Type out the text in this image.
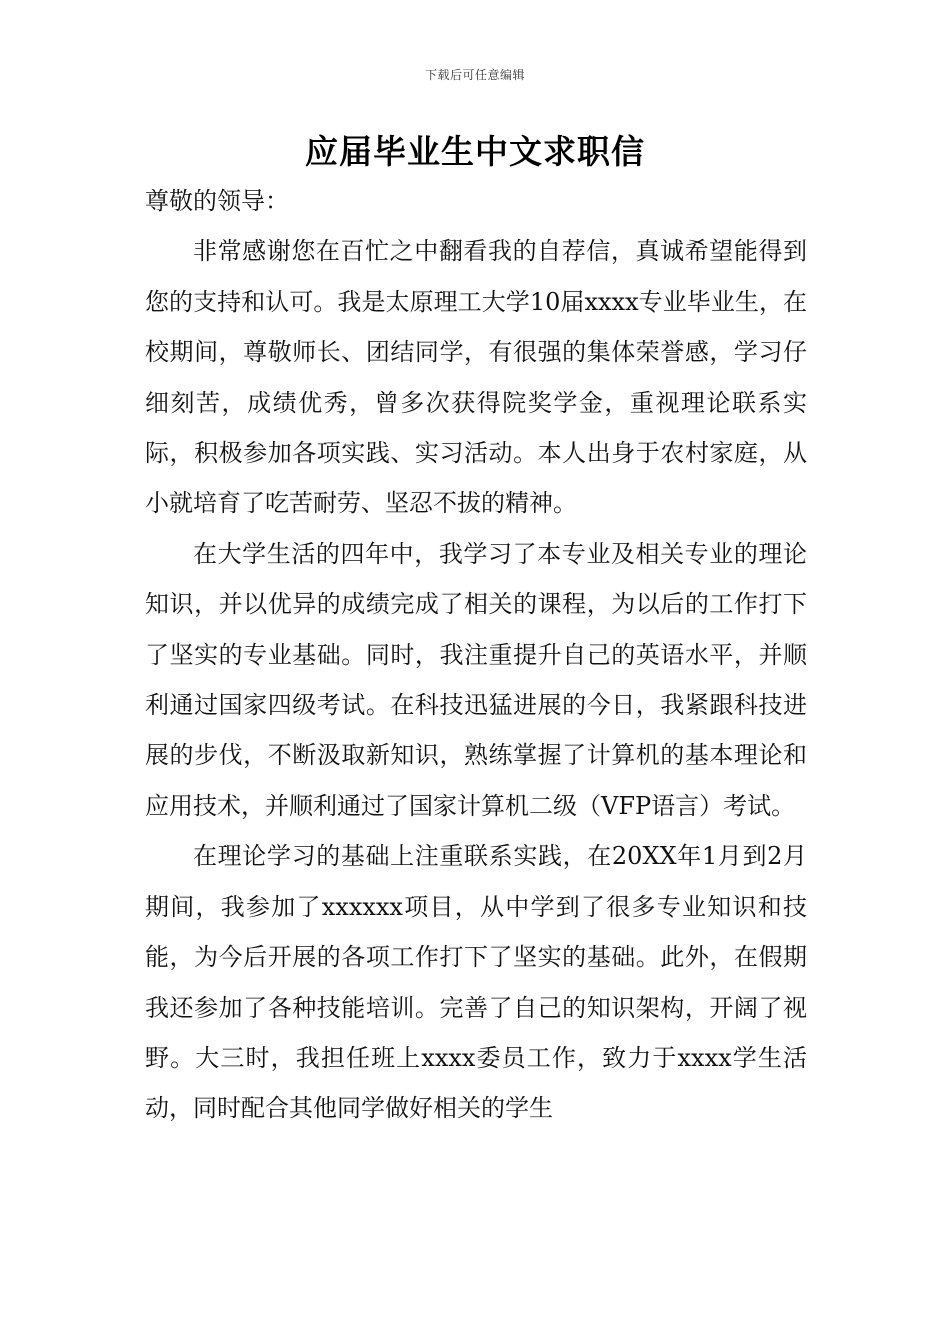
下载后可任意编辑
应届毕业生中文求职信

尊敬的领导：

非常感谢您在百忙之中翻看我的自荐信，真诚希望能得到您的支持和认可。我是太原理工大学10届xxxx专业毕业生，在校期间，尊敬师长、团结同学，有很强的集体荣誉感，学习仔细刻苦，成绩优秀，曾多次获得院奖学金，重视理论联系实际，积极参加各项实践、实习活动。本人出身于农村家庭，从小就培育了吃苦耐劳、坚忍不拔的精神。

在大学生活的四年中，我学习了本专业及相关专业的理论知识，并以优异的成绩完成了相关的课程，为以后的工作打下了坚实的专业基础。同时，我注重提升自己的英语水平，并顺利通过国家四级考试。在科技迅猛进展的今日，我紧跟科技进展的步伐，不断汲取新知识，熟练掌握了计算机的基本理论和应用技术，并顺利通过了国家计算机二级（VFP语言）考试。

在理论学习的基础上注重联系实践，在20XX年1月到2月期间，我参加了xxxxxx项目，从中学到了很多专业知识和技能，为今后开展的各项工作打下了坚实的基础。此外，在假期我还参加了各种技能培训。完善了自己的知识架构，开阔了视野。大三时，我担任班上xxxx委员工作，致力于xxxx学生活动，同时配合其他同学做好相关的学生
